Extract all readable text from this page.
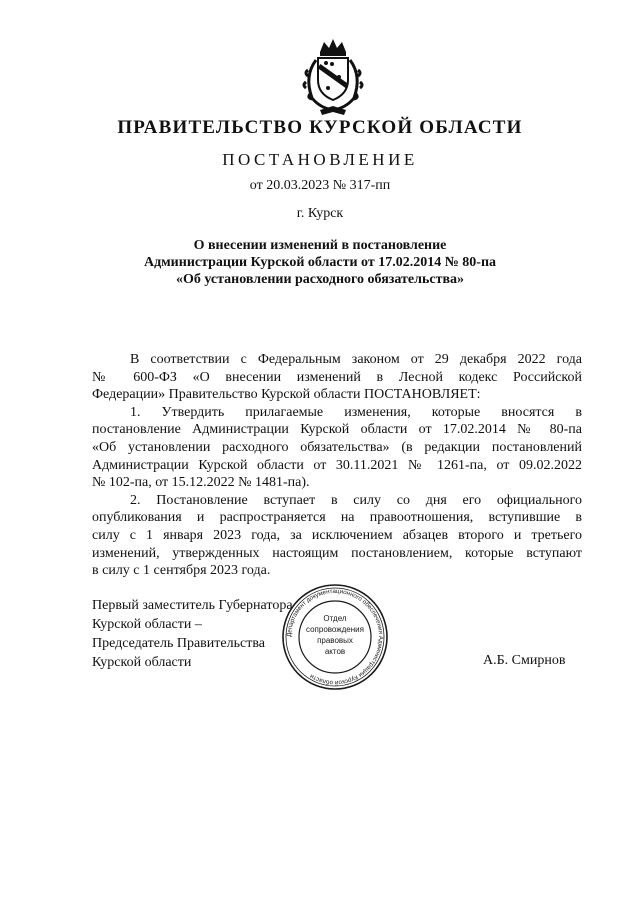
ПРАВИТЕЛЬСТВО КУРСКОЙ ОБЛАСТИ
ПОСТАНОВЛЕНИЕ
от 20.03.2023 № 317-пп
г. Курск
О внесении изменений в постановление
Администрации Курской области от 17.02.2014 № 80-па
«Об установлении расходного обязательства»
В соответствии с Федеральным законом от 29 декабря 2022 года
№ 600-ФЗ «О внесении изменений в Лесной кодекс Российской
Федерации» Правительство Курской области ПОСТАНОВЛЯЕТ:
1. Утвердить прилагаемые изменения, которые вносятся в
постановление Администрации Курской области от 17.02.2014 № 80-па
«Об установлении расходного обязательства» (в редакции постановлений
Администрации Курской области от 30.11.2021 № 1261-па, от 09.02.2022
№ 102-па, от 15.12.2022 № 1481-па).
2. Постановление вступает в силу со дня его официального
опубликования и распространяется на правоотношения, вступившие в
силу с 1 января 2023 года, за исключением абзацев второго и третьего
изменений, утвержденных настоящим постановлением, которые вступают
в силу с 1 сентября 2023 года.
Первый заместитель Губернатора
Курской области –
Председатель Правительства
Курской области	А.Б. Смирнов
Департамент документационного обеспечения Администрации Курской области
Отдел
сопровождения
правовых
актов
